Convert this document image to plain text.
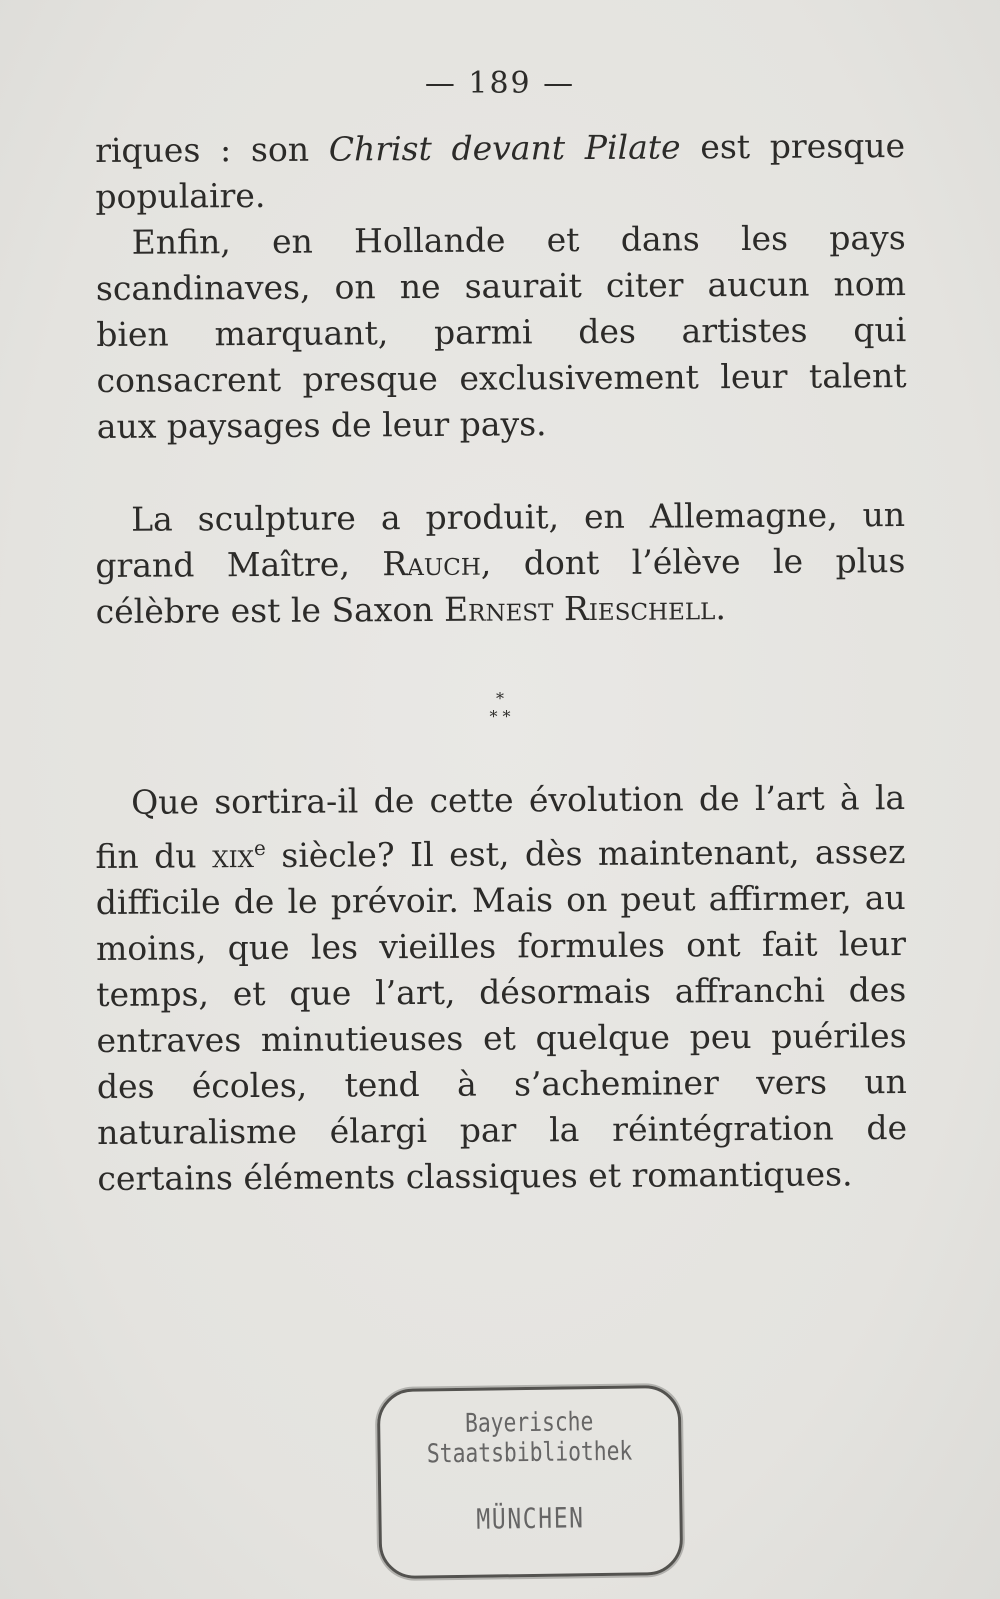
— 189 —

riques : son Christ devant Pilate est presque populaire.

Enfin, en Hollande et dans les pays scandinaves, on ne saurait citer aucun nom bien marquant, parmi des artistes qui consacrent presque exclusivement leur talent aux paysages de leur pays.

La sculpture a produit, en Allemagne, un grand Maître, Rauch, dont l’élève le plus célèbre est le Saxon Ernest Rieschell.

*
* *

Que sortira-il de cette évolution de l’art à la fin du xix$^e$ siècle? Il est, dès maintenant, assez difficile de le prévoir. Mais on peut affirmer, au moins, que les vieilles formules ont fait leur temps, et que l’art, désormais affranchi des entraves minutieuses et quelque peu puériles des écoles, tend à s’acheminer vers un naturalisme élargi par la réintégration de certains éléments classiques et romantiques.

Bayerische
Staatsbibliothek
MÜNCHEN
